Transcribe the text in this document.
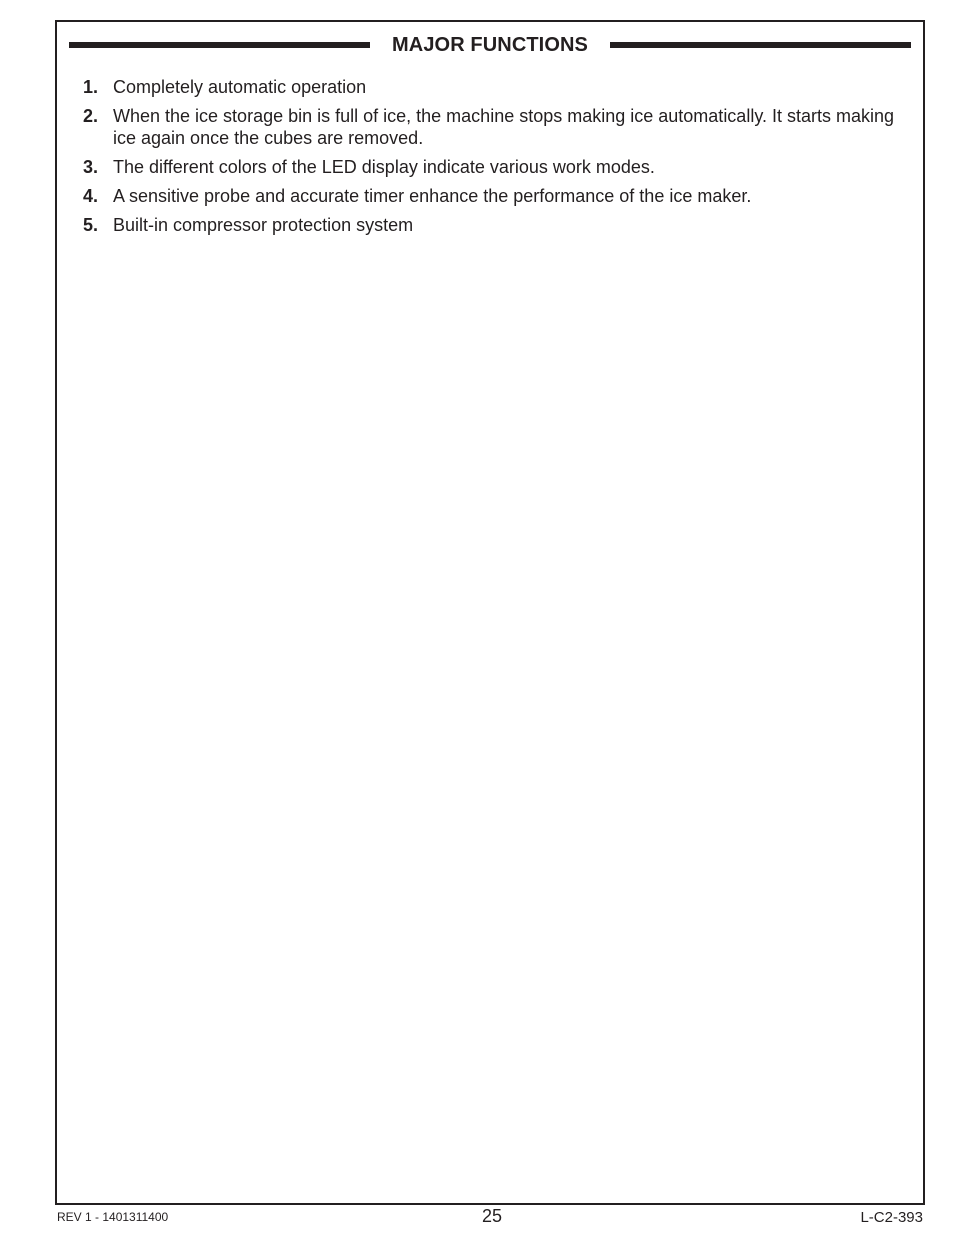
MAJOR FUNCTIONS
1. Completely automatic operation
2. When the ice storage bin is full of ice, the machine stops making ice automatically. It starts making ice again once the cubes are removed.
3. The different colors of the LED display indicate various work modes.
4. A sensitive probe and accurate timer enhance the performance of the ice maker.
5. Built-in compressor protection system
REV 1 - 1401311400	25	L-C2-393
